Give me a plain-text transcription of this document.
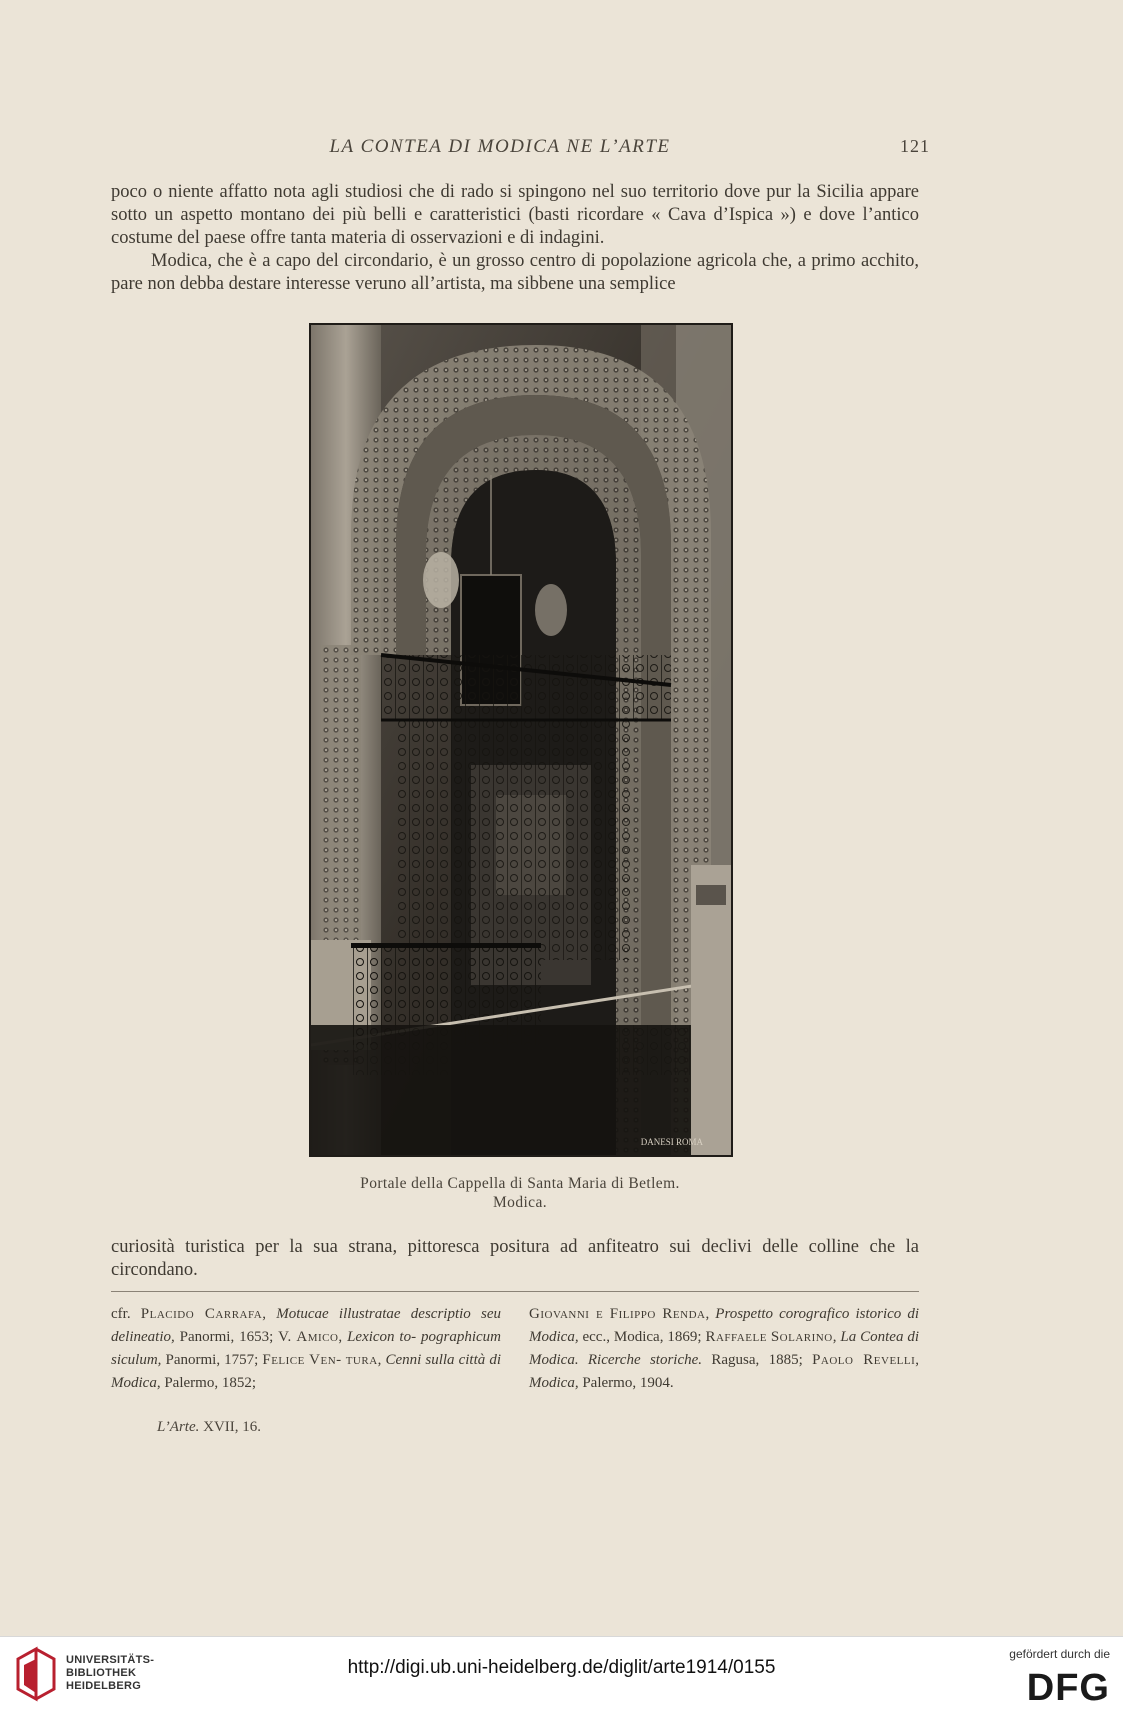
LA CONTEA DI MODICA NE L’ARTE	121

poco o niente affatto nota agli studiosi che di rado si spingono nel suo territorio dove pur la Sicilia appare sotto un aspetto montano dei più belli e caratteristici (basti ricordare « Cava d’Ispica ») e dove l’antico costume del paese offre tanta materia di osservazioni e di indagini.

Modica, che è a capo del circondario, è un grosso centro di popolazione agricola che, a primo acchito, pare non debba destare interesse veruno all’artista, ma sibbene una semplice

DANESI ROMA
Portale della Cappella di Santa Maria di Betlem.
Modica.

curiosità turistica per la sua strana, pittoresca positura ad anfiteatro sui declivi delle colline che la circondano.

cfr. Placido Carrafa, Motucae illustratae descriptio seu delineatio, Panormi, 1653; V. Amico, Lexicon to- pographicum siculum, Panormi, 1757; Felice Ven- tura, Cenni sulla città di Modica, Palermo, 1852;
Giovanni e Filippo Renda, Prospetto corografico istorico di Modica, ecc., Modica, 1869; Raffaele Solarino, La Contea di Modica. Ricerche storiche. Ragusa, 1885; Paolo Revelli, Modica, Palermo, 1904.
L’Arte. XVII, 16.
UNIVERSITÄTS-
BIBLIOTHEK
HEIDELBERG
http://digi.ub.uni-heidelberg.de/diglit/arte1914/0155
gefördert durch die
DFG
